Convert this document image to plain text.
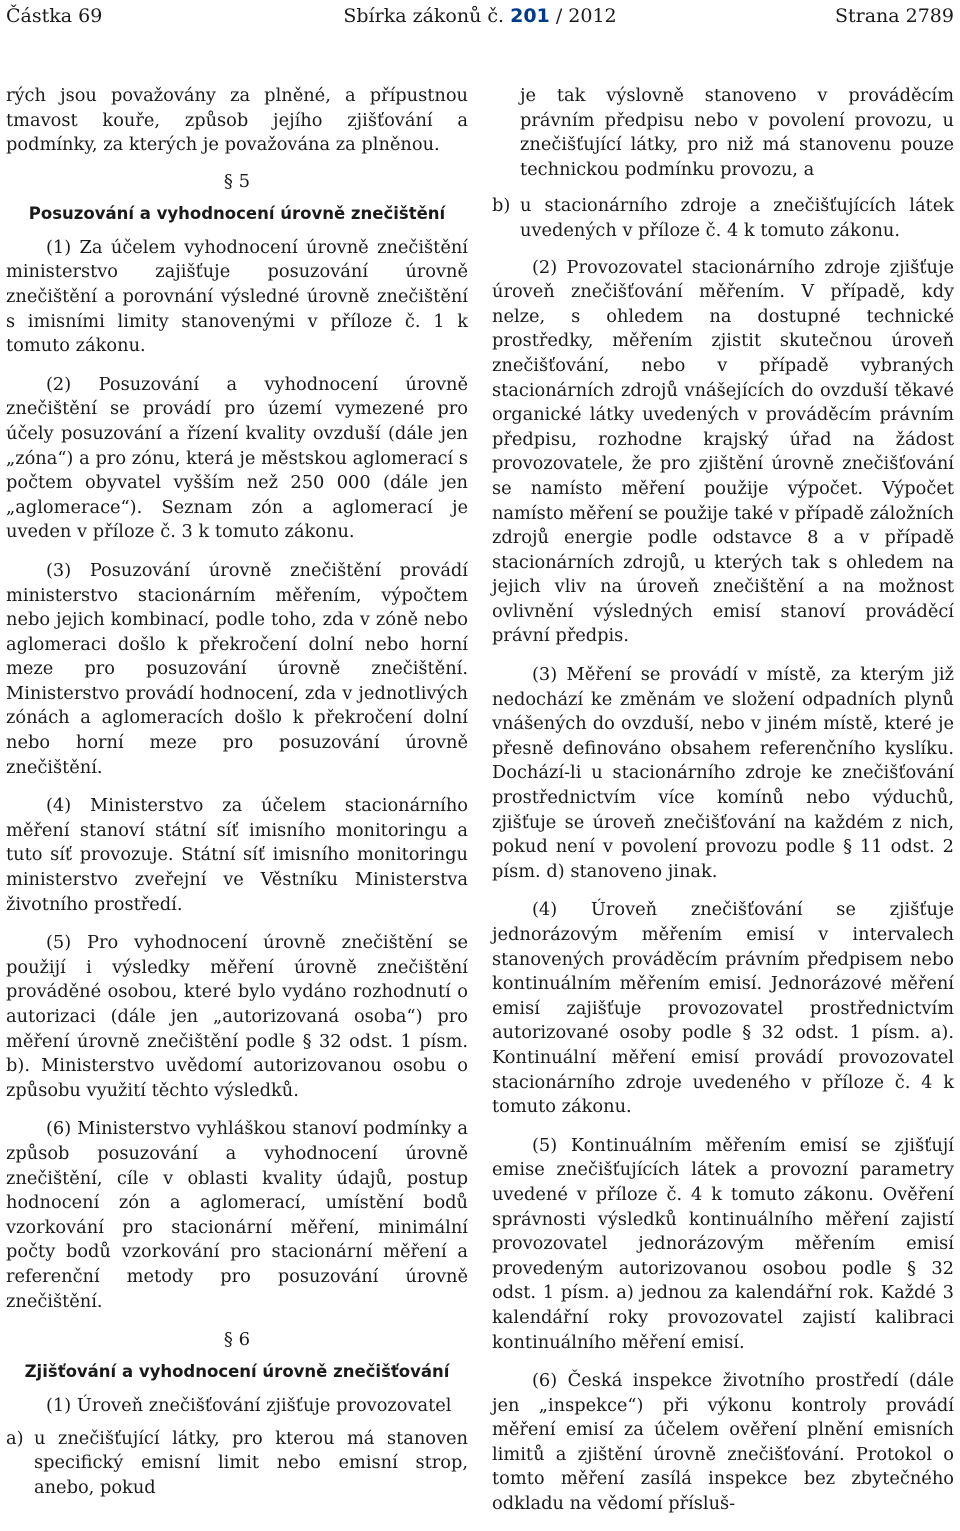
Částka 69	Sbírka zákonů č. 201 / 2012	Strana 2789

rých jsou považovány za plněné, a přípustnou tmavost kouře, způsob jejího zjišťování a podmínky, za kterých je považována za plněnou.

§ 5
Posuzování a vyhodnocení úrovně znečištění

(1) Za účelem vyhodnocení úrovně znečištění ministerstvo zajišťuje posuzování úrovně znečištění a porovnání výsledné úrovně znečištění s imisními limity stanovenými v příloze č. 1 k tomuto zákonu.

(2) Posuzování a vyhodnocení úrovně znečištění se provádí pro území vymezené pro účely posuzování a řízení kvality ovzduší (dále jen „zóna“) a pro zónu, která je městskou aglomerací s počtem obyvatel vyšším než 250 000 (dále jen „aglomerace“). Seznam zón a aglomerací je uveden v příloze č. 3 k tomuto zákonu.

(3) Posuzování úrovně znečištění provádí ministerstvo stacionárním měřením, výpočtem nebo jejich kombinací, podle toho, zda v zóně nebo aglomeraci došlo k překročení dolní nebo horní meze pro posuzování úrovně znečištění. Ministerstvo provádí hodnocení, zda v jednotlivých zónách a aglomeracích došlo k překročení dolní nebo horní meze pro posuzování úrovně znečištění.

(4) Ministerstvo za účelem stacionárního měření stanoví státní síť imisního monitoringu a tuto síť provozuje. Státní síť imisního monitoringu ministerstvo zveřejní ve Věstníku Ministerstva životního prostředí.

(5) Pro vyhodnocení úrovně znečištění se použijí i výsledky měření úrovně znečištění prováděné osobou, které bylo vydáno rozhodnutí o autorizaci (dále jen „autorizovaná osoba“) pro měření úrovně znečištění podle § 32 odst. 1 písm. b). Ministerstvo uvědomí autorizovanou osobu o způsobu využití těchto výsledků.

(6) Ministerstvo vyhláškou stanoví podmínky a způsob posuzování a vyhodnocení úrovně znečištění, cíle v oblasti kvality údajů, postup hodnocení zón a aglomerací, umístění bodů vzorkování pro stacionární měření, minimální počty bodů vzorkování pro stacionární měření a referenční metody pro posuzování úrovně znečištění.

§ 6
Zjišťování a vyhodnocení úrovně znečišťování

(1) Úroveň znečišťování zjišťuje provozovatel

a) u znečišťující látky, pro kterou má stanoven specifický emisní limit nebo emisní strop, anebo, pokud
je tak výslovně stanoveno v prováděcím právním předpisu nebo v povolení provozu, u znečišťující látky, pro niž má stanovenu pouze technickou podmínku provozu, a
b) u stacionárního zdroje a znečišťujících látek uvedených v příloze č. 4 k tomuto zákonu.

(2) Provozovatel stacionárního zdroje zjišťuje úroveň znečišťování měřením. V případě, kdy nelze, s ohledem na dostupné technické prostředky, měřením zjistit skutečnou úroveň znečišťování, nebo v případě vybraných stacionárních zdrojů vnášejících do ovzduší těkavé organické látky uvedených v prováděcím právním předpisu, rozhodne krajský úřad na žádost provozovatele, že pro zjištění úrovně znečišťování se namísto měření použije výpočet. Výpočet namísto měření se použije také v případě záložních zdrojů energie podle odstavce 8 a v případě stacionárních zdrojů, u kterých tak s ohledem na jejich vliv na úroveň znečištění a na možnost ovlivnění výsledných emisí stanoví prováděcí právní předpis.

(3) Měření se provádí v místě, za kterým již nedochází ke změnám ve složení odpadních plynů vnášených do ovzduší, nebo v jiném místě, které je přesně definováno obsahem referenčního kyslíku. Dochází-li u stacionárního zdroje ke znečišťování prostřednictvím více komínů nebo výduchů, zjišťuje se úroveň znečišťování na každém z nich, pokud není v povolení provozu podle § 11 odst. 2 písm. d) stanoveno jinak.

(4) Úroveň znečišťování se zjišťuje jednorázovým měřením emisí v intervalech stanovených prováděcím právním předpisem nebo kontinuálním měřením emisí. Jednorázové měření emisí zajišťuje provozovatel prostřednictvím autorizované osoby podle § 32 odst. 1 písm. a). Kontinuální měření emisí provádí provozovatel stacionárního zdroje uvedeného v příloze č. 4 k tomuto zákonu.

(5) Kontinuálním měřením emisí se zjišťují emise znečišťujících látek a provozní parametry uvedené v příloze č. 4 k tomuto zákonu. Ověření správnosti výsledků kontinuálního měření zajistí provozovatel jednorázovým měřením emisí provedeným autorizovanou osobou podle § 32 odst. 1 písm. a) jednou za kalendářní rok. Každé 3 kalendářní roky provozovatel zajistí kalibraci kontinuálního měření emisí.

(6) Česká inspekce životního prostředí (dále jen „inspekce“) při výkonu kontroly provádí měření emisí za účelem ověření plnění emisních limitů a zjištění úrovně znečišťování. Protokol o tomto měření zasílá inspekce bez zbytečného odkladu na vědomí přísluš-
